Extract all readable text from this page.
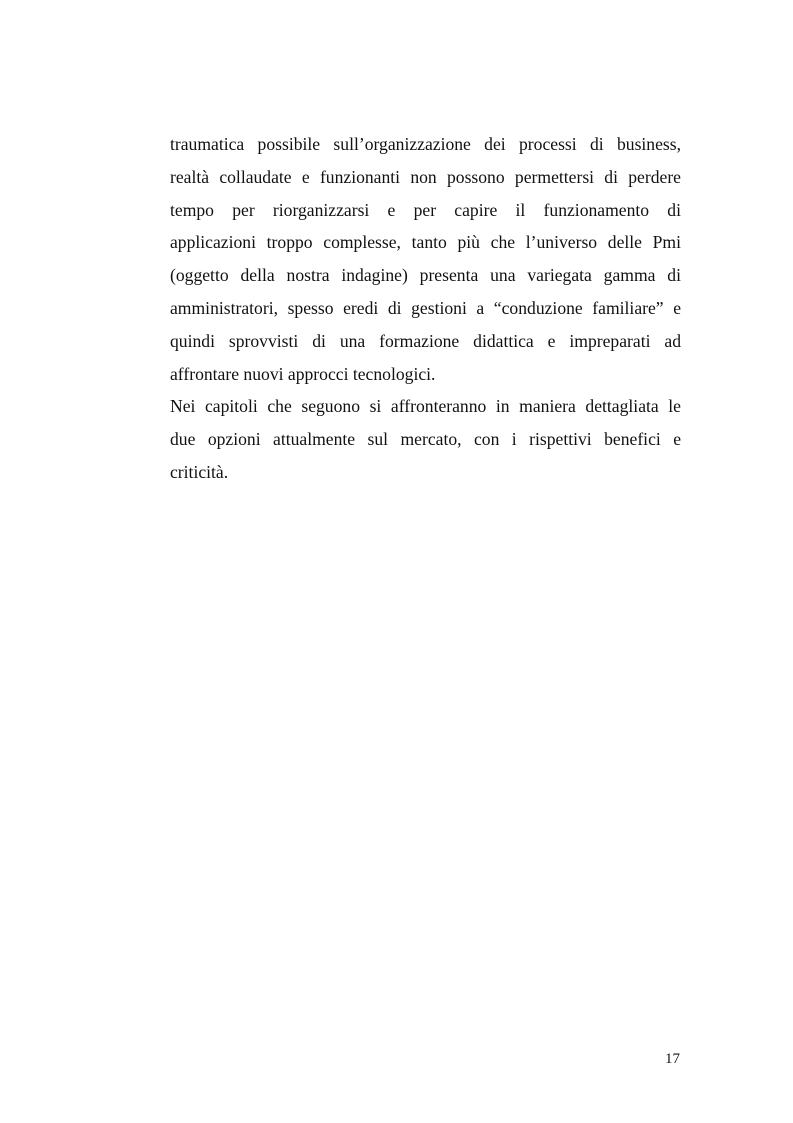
traumatica possibile sull’organizzazione dei processi di business,
realtà collaudate e funzionanti non possono permettersi di perdere
tempo per riorganizzarsi e per capire il funzionamento di
applicazioni troppo complesse, tanto più che l’universo delle Pmi
(oggetto della nostra indagine) presenta una variegata gamma di
amministratori, spesso eredi di gestioni a “conduzione familiare” e
quindi sprovvisti di una formazione didattica e impreparati ad
affrontare nuovi approcci tecnologici.
Nei capitoli che seguono si affronteranno in maniera dettagliata le
due opzioni attualmente sul mercato, con i rispettivi benefici e
criticità.
17
